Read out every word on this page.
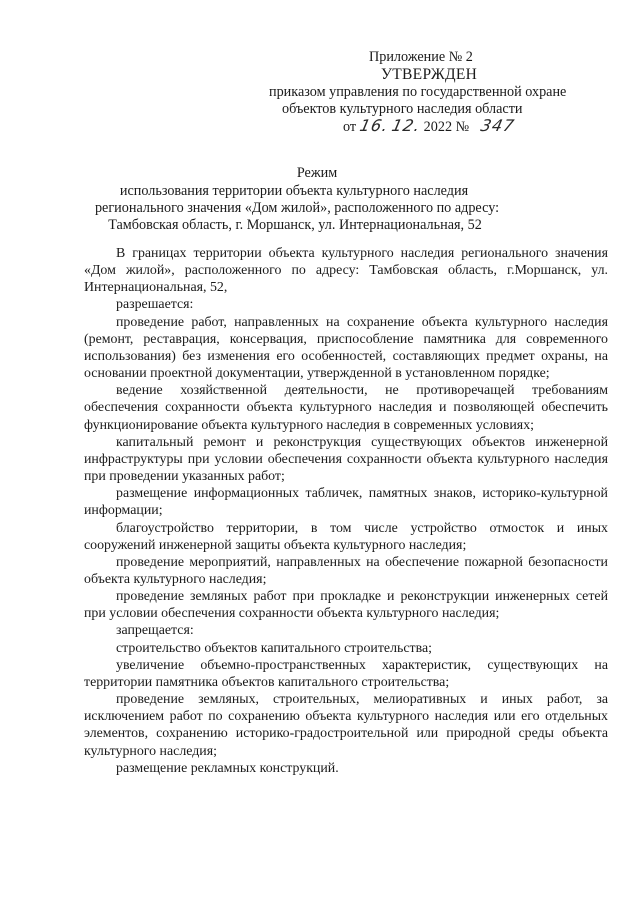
Приложение № 2
УТВЕРЖДЕН
приказом управления по государственной охране
объектов культурного наследия области
от 16. 12. 2022 № 347
Режим
использования территории объекта культурного наследия
регионального значения «Дом жилой», расположенного по адресу:
Тамбовская область, г. Моршанск, ул. Интернациональная, 52

В границах территории объекта культурного наследия регионального значения «Дом жилой», расположенного по адресу: Тамбовская область, г.Моршанск, ул. Интернациональная, 52,

разрешается:

проведение работ, направленных на сохранение объекта культурного наследия (ремонт, реставрация, консервация, приспособление памятника для современного использования) без изменения его особенностей, составляющих предмет охраны, на основании проектной документации, утвержденной в установленном порядке;

ведение хозяйственной деятельности, не противоречащей требованиям обеспечения сохранности объекта культурного наследия и позволяющей обеспечить функционирование объекта культурного наследия в современных условиях;

капитальный ремонт и реконструкция существующих объектов инженерной инфраструктуры при условии обеспечения сохранности объекта культурного наследия при проведении указанных работ;

размещение информационных табличек, памятных знаков, историко-культурной информации;

благоустройство территории, в том числе устройство отмосток и иных сооружений инженерной защиты объекта культурного наследия;

проведение мероприятий, направленных на обеспечение пожарной безопасности объекта культурного наследия;

проведение земляных работ при прокладке и реконструкции инженерных сетей при условии обеспечения сохранности объекта культурного наследия;

запрещается:

строительство объектов капитального строительства;

увеличение объемно-пространственных характеристик, существующих на территории памятника объектов капитального строительства;

проведение земляных, строительных, мелиоративных и иных работ, за исключением работ по сохранению объекта культурного наследия или его отдельных элементов, сохранению историко-градостроительной или природной среды объекта культурного наследия;

размещение рекламных конструкций.
